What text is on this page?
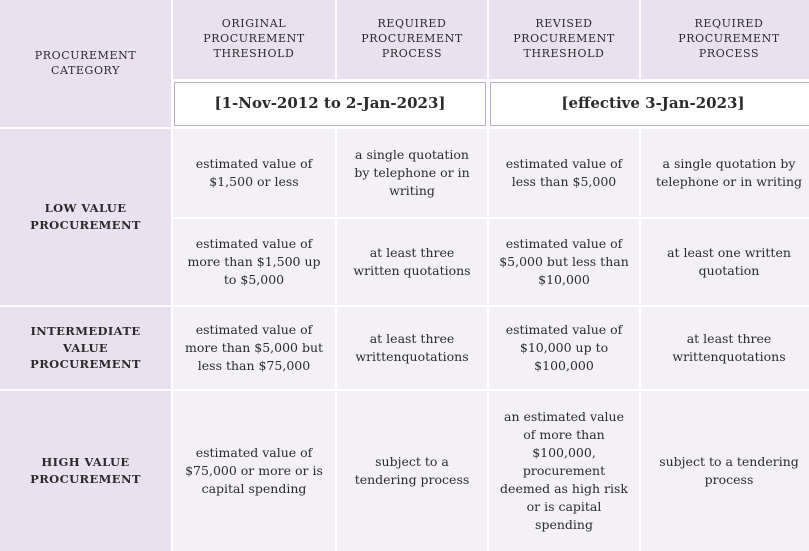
PROCUREMENT CATEGORY
ORIGINAL PROCUREMENT THRESHOLD
REQUIRED PROCUREMENT PROCESS
REVISED PROCUREMENT THRESHOLD
REQUIRED PROCUREMENT PROCESS
[1-Nov-2012 to 2-Jan-2023]	[effective 3-Jan-2023]
LOW VALUE PROCUREMENT
estimated value of $1,500 or less
a single quotation by telephone or in writing
estimated value of less than $5,000
a single quotation by telephone or in writing
estimated value of more than $1,500 up to $5,000
at least three written quotations
estimated value of $5,000 but less than $10,000
at least one written quotation
INTERMEDIATE VALUE PROCUREMENT
estimated value of more than $5,000 but less than $75,000
at least three writtenquotations
estimated value of $10,000 up to $100,000
at least three writtenquotations
HIGH VALUE PROCUREMENT
estimated value of $75,000 or more or is capital spending
subject to a tendering process
an estimated value of more than $100,000, procurement deemed as high risk or is capital spending
subject to a tendering process
